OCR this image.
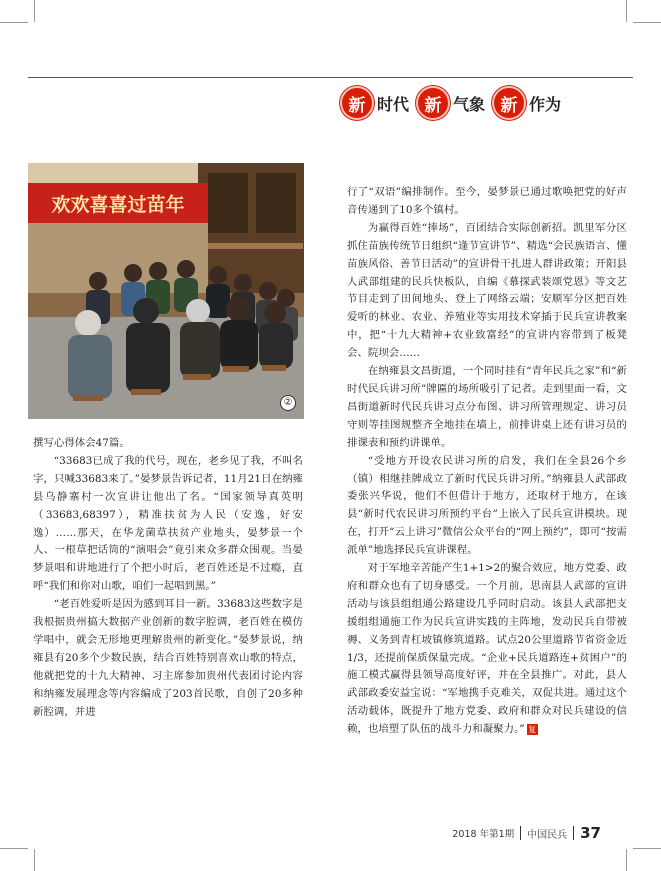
新 时代 新 气象 新 作为
欢欢喜喜过苗年
②

撰写心得体会47篇。

“33683已成了我的代号，现在，老乡见了我，不叫名字，只喊33683来了。”晏梦景告诉记者，11月21日在纳雍县乌静寨村一次宣讲让他出了名。“国家领导真英明（33683,68397），精准扶贫为人民（安逸，好安逸）……那天，在华龙菌草扶贫产业地头，晏梦景一个人、一根草把话筒的“演唱会”竟引来众多群众围观。当晏梦景唱和讲地进行了个把小时后，老百姓还是不过瘾，直呼“我们和你对山歌，咱们一起唱到黑。”

“老百姓爱听是因为感到耳目一新。33683这些数字是我根据贵州搞大数据产业创新的数字腔调，老百姓在模仿学唱中，就会无形地更理解贵州的新变化。”晏梦景说，纳雍县有20多个少数民族，结合百姓特别喜欢山歌的特点，他就把党的十九大精神、习主席参加贵州代表团讨论内容和纳雍发展理念等内容编成了203首民歌，自创了20多种新腔调，并进

行了“双语”编排制作。至今，晏梦景已通过歌唤把党的好声音传递到了10多个镇村。

为赢得百姓“捧场”，百团结合实际创新招。凯里军分区抓住苗族传统节日组织“逢节宣讲节”、精选“会民族语言、懂苗族风俗、善节日活动”的宣讲骨干扎进人群讲政策；开阳县人武部组建的民兵快板队，自编《慕探武装颂党恩》等文艺节目走到了田间地头、登上了网络云端；安顺军分区把百姓爱听的林业、农业、养殖业等实用技术穿插于民兵宣讲教案中，把“十九大精神+农业致富经”的宣讲内容带到了板凳会、院坝会……

在纳雍县文昌街道，一个同时挂有“青年民兵之家”和“新时代民兵讲习所”牌匾的场所吸引了记者。走到里面一看，文昌街道新时代民兵讲习点分布图、讲习所管理规定、讲习员守则等挂图规整齐全地挂在墙上，前排讲桌上还有讲习员的排课表和预约讲课单。

“受地方开设农民讲习所的启发，我们在全县26个乡（镇）相继挂牌成立了新时代民兵讲习所。”纳雍县人武部政委张兴华说，他们不但借计于地方，还取材于地方，在该县“新时代农民讲习所预约平台”上嵌入了民兵宣讲模块。现在，打开“云上讲习”微信公众平台的“网上预约”，即可“按需派单”地选择民兵宣讲课程。

对于军地辛苦能产生1+1>2的聚合效应，地方党委、政府和群众也有了切身感受。一个月前，思南县人武部的宣讲活动与该县组组通公路建设几乎同时启动。该县人武部把支援组组通施工作为民兵宣讲实践的主阵地，发动民兵自带被褥、义务到青杠坡镇修筑道路。试点20公里道路节省资金近1/3，还提前保质保量完成。“企业+民兵道路连+贫困户”的施工模式赢得县领导高度好评，并在全县推广。对此，县人武部政委安益宝说：“军地携手克难关，双促共进。通过这个活动载体，既提升了地方党委、政府和群众对民兵建设的信赖，也培塑了队伍的战斗力和凝聚力。” 复

2018 年第1期 中国民兵 37
